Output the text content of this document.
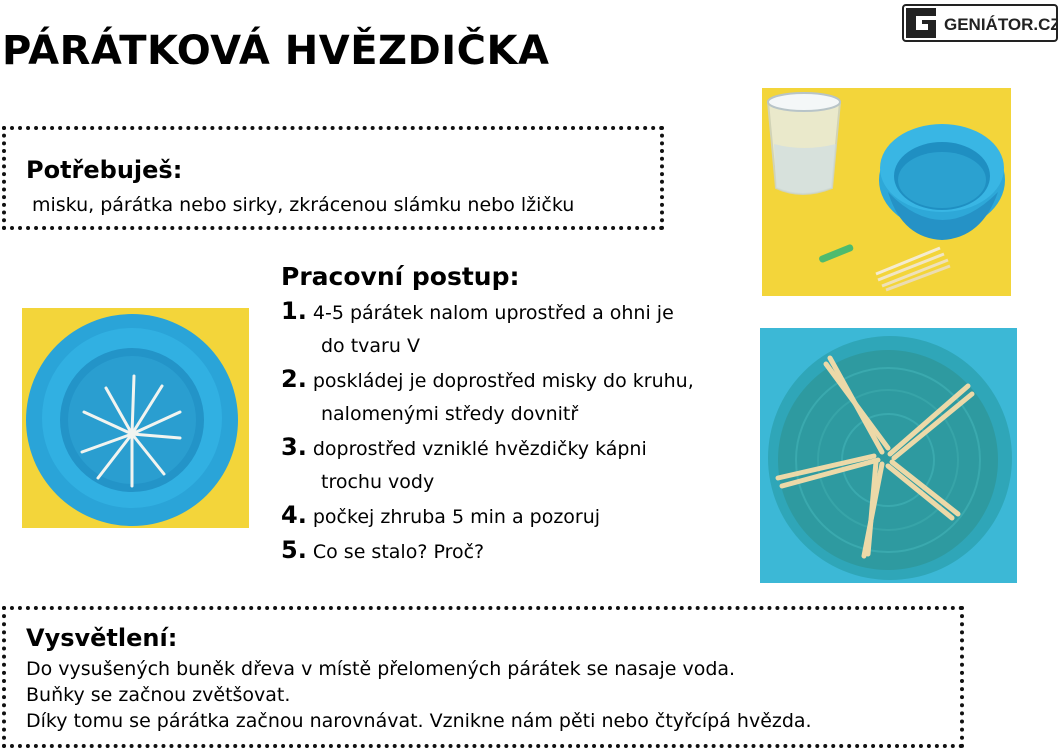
PÁRÁTKOVÁ HVĚZDIČKA
GENIÁTOR.CZ
Potřebuješ:
misku, párátka nebo sirky, zkrácenou slámku nebo lžičku
Pracovní postup:
1. 4-5 párátek nalom uprostřed a ohni je
do tvaru V
2. poskládej je doprostřed misky do kruhu,
nalomenými středy dovnitř
3. doprostřed vzniklé hvězdičky kápni
trochu vody
4. počkej zhruba 5 min a pozoruj
5. Co se stalo? Proč?
Vysvětlení:
Do vysušených buněk dřeva v místě přelomených párátek se nasaje voda.
Buňky se začnou zvětšovat.
Díky tomu se párátka začnou narovnávat. Vznikne nám pěti nebo čtyřcípá hvězda.
